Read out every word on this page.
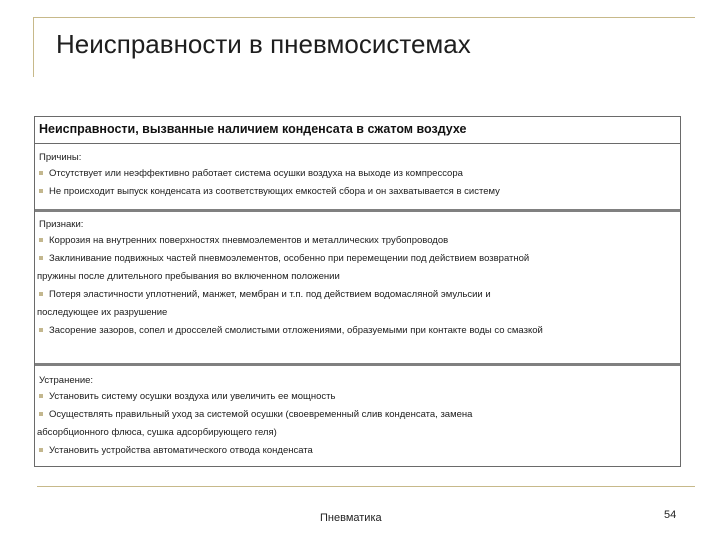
Неисправности в пневмосистемах
Неисправности, вызванные наличием конденсата в сжатом воздухе
Причины:
Отсутствует или неэффективно работает система осушки воздуха на выходе из компрессора
Не происходит выпуск конденсата из соответствующих емкостей сбора и он захватывается в систему
Признаки:
Коррозия на внутренних поверхностях пневмоэлементов и металлических трубопроводов
Заклинивание подвижных частей пневмоэлементов, особенно при перемещении под действием возвратной
пружины после длительного пребывания во включенном положении
Потеря эластичности уплотнений, манжет, мембран и т.п. под действием водомасляной эмульсии и
последующее их разрушение
Засорение зазоров, сопел и дросселей смолистыми отложениями, образуемыми при контакте воды со смазкой
Устранение:
Установить систему осушки воздуха или увеличить ее мощность
Осуществлять правильный уход за системой осушки (своевременный слив конденсата, замена
абсорбционного флюса, сушка адсорбирующего геля)
Установить устройства автоматического отвода конденсата
Пневматика	54
